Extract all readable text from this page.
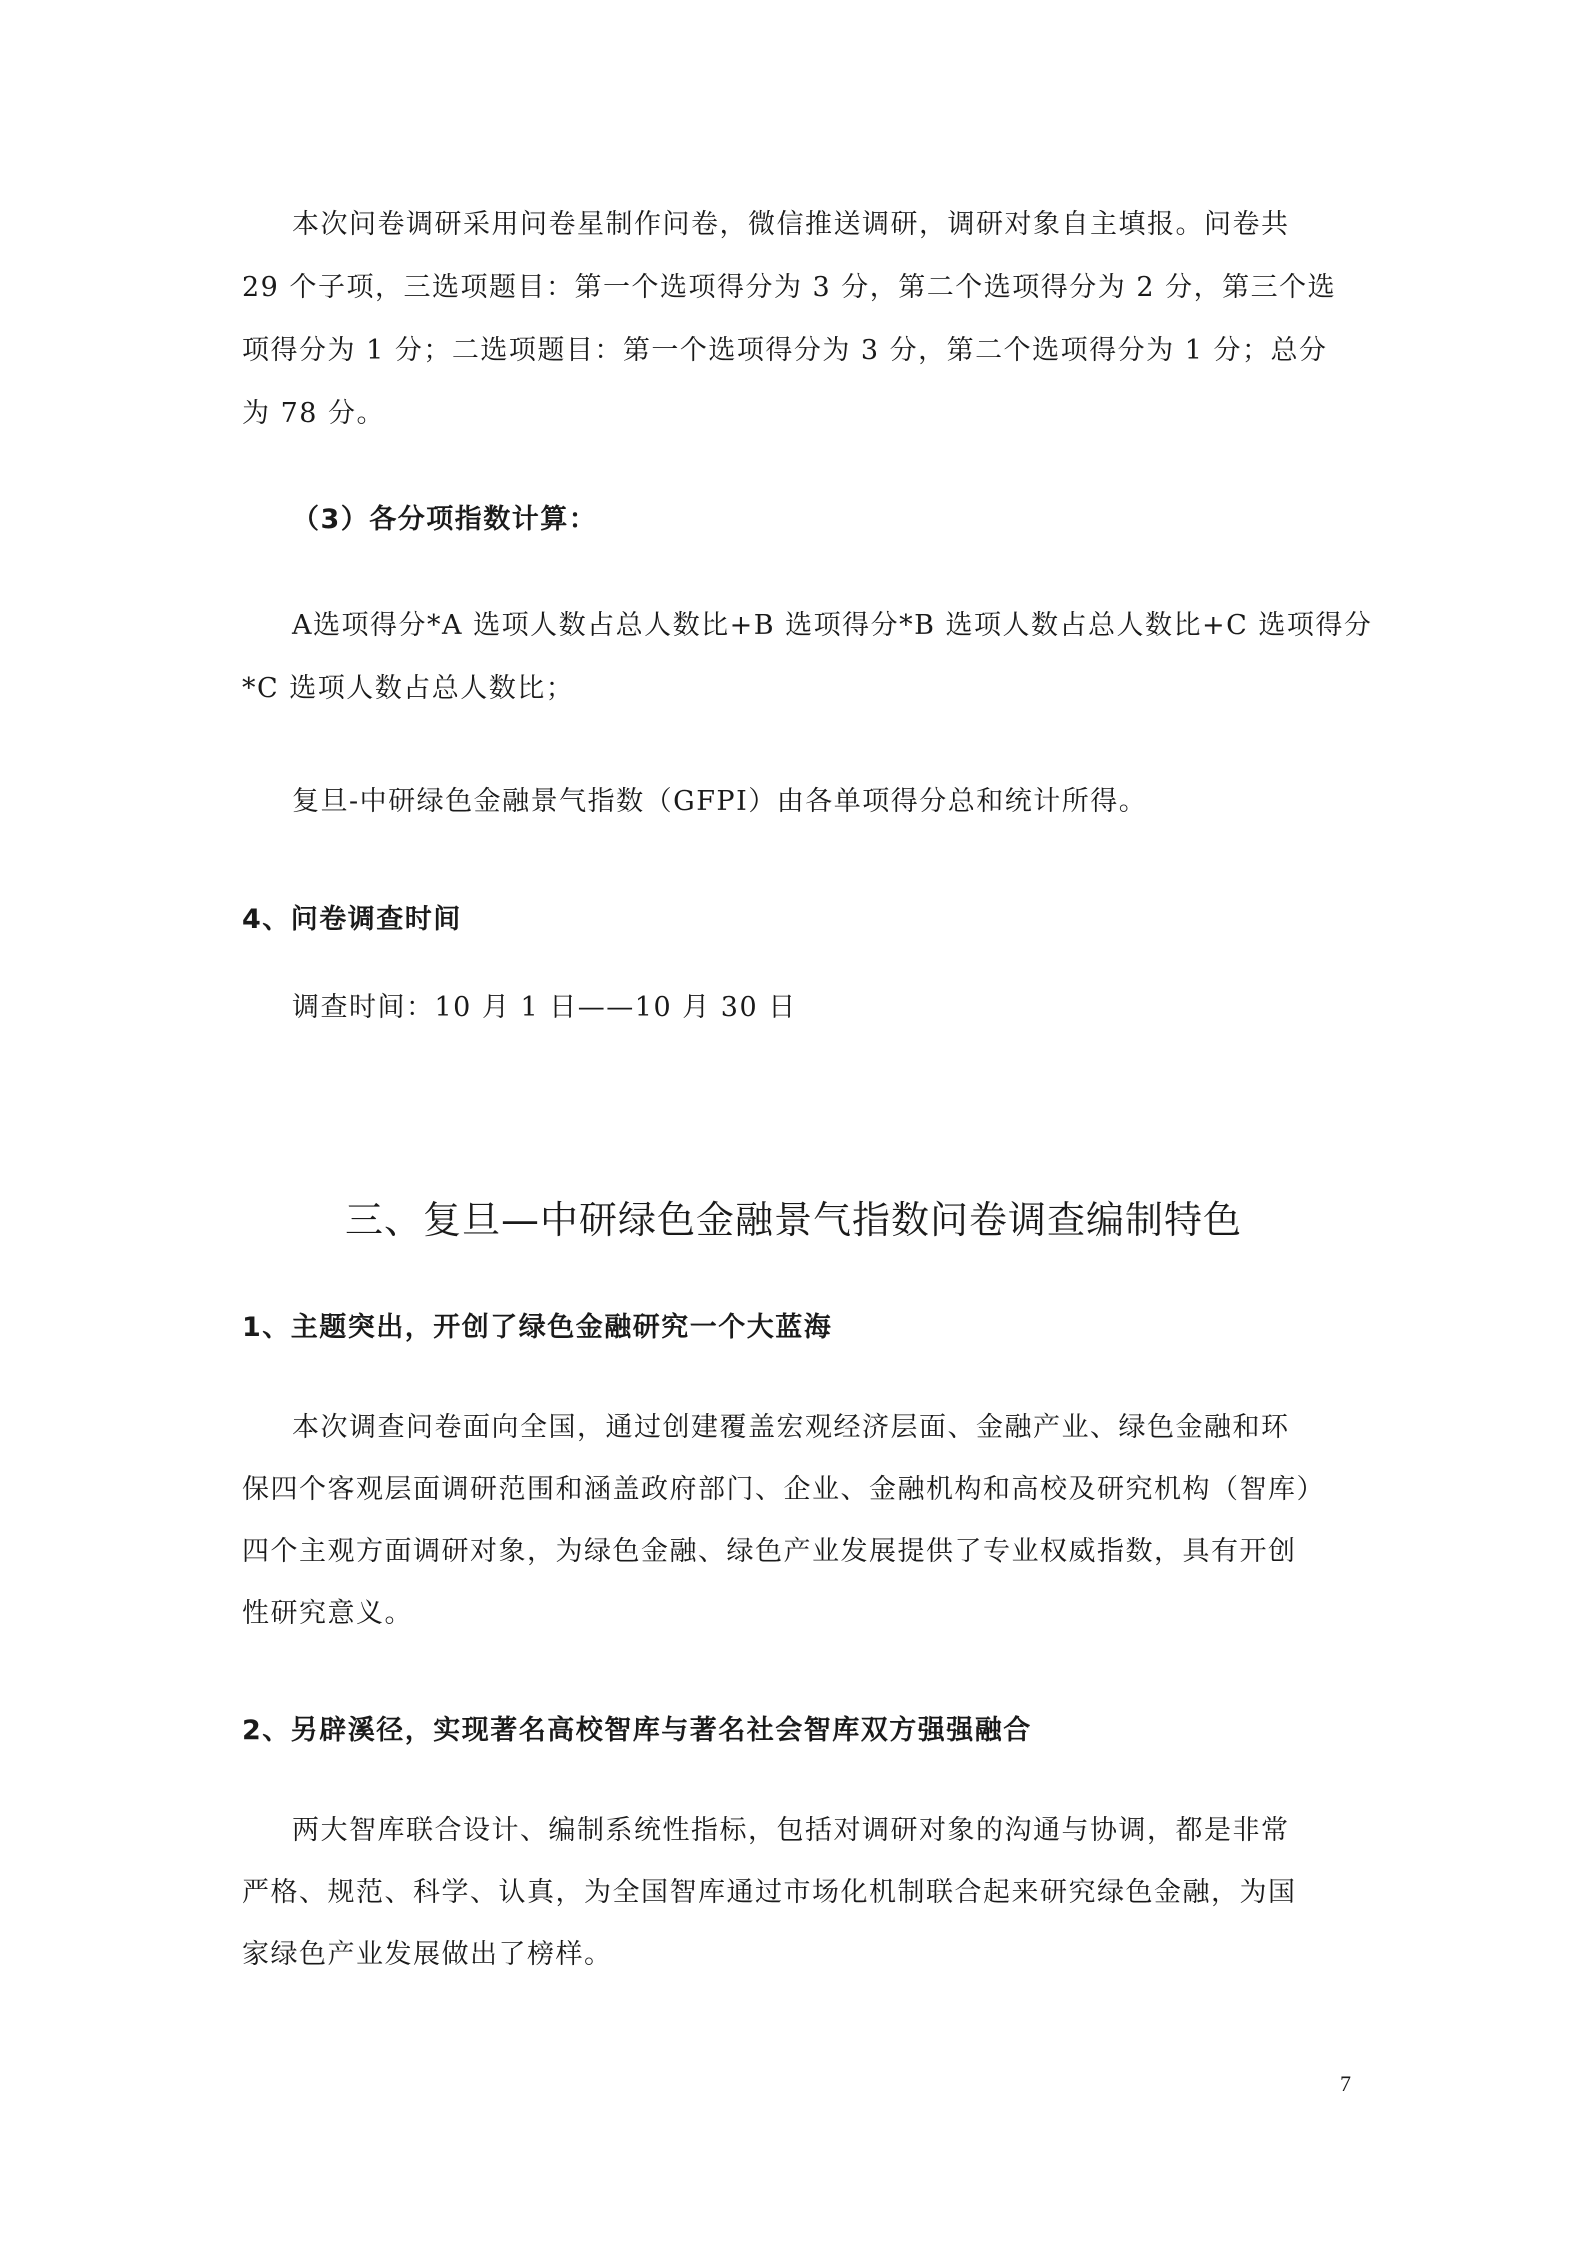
本次问卷调研采用问卷星制作问卷，微信推送调研，调研对象自主填报。问卷共
29 个子项，三选项题目：第一个选项得分为 3 分，第二个选项得分为 2 分，第三个选
项得分为 1 分；二选项题目：第一个选项得分为 3 分，第二个选项得分为 1 分；总分
为 78 分。
（3）各分项指数计算：
A选项得分*A 选项人数占总人数比+B 选项得分*B 选项人数占总人数比+C 选项得分
*C 选项人数占总人数比；
复旦-中研绿色金融景气指数（GFPI）由各单项得分总和统计所得。
4、问卷调查时间
调查时间：10 月 1 日——10 月 30 日
三、复旦—中研绿色金融景气指数问卷调查编制特色
1、主题突出，开创了绿色金融研究一个大蓝海
本次调查问卷面向全国，通过创建覆盖宏观经济层面、金融产业、绿色金融和环
保四个客观层面调研范围和涵盖政府部门、企业、金融机构和高校及研究机构（智库）
四个主观方面调研对象，为绿色金融、绿色产业发展提供了专业权威指数，具有开创
性研究意义。
2、另辟溪径，实现著名高校智库与著名社会智库双方强强融合
两大智库联合设计、编制系统性指标，包括对调研对象的沟通与协调，都是非常
严格、规范、科学、认真，为全国智库通过市场化机制联合起来研究绿色金融，为国
家绿色产业发展做出了榜样。
7
